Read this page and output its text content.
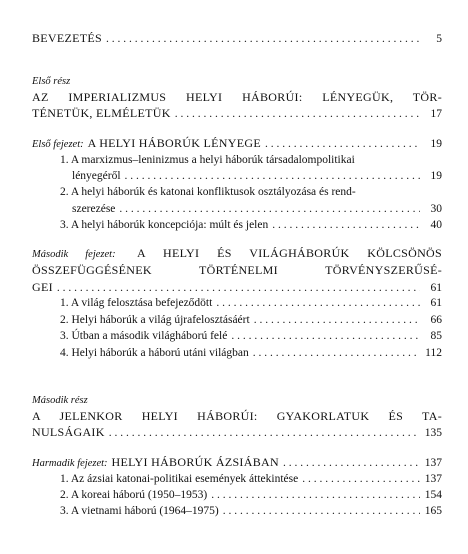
BEVEZETÉS . . .	5
Első rész
AZ IMPERIALIZMUS HELYI HÁBORÚI: LÉNYEGÜK, TÖR-
TÉNETÜK, ELMÉLETÜK . . .	17
Első fejezet: A HELYI HÁBORÚK LÉNYEGE . . .	19
1. A marxizmus–leninizmus a helyi háborúk társadalompolitikai
lényegéről . . .	19
2. A helyi háborúk és katonai konfliktusok osztályozása és rend-
szerezése . . .	30
3. A helyi háborúk koncepciója: múlt és jelen . . .	40
Második fejezet: A HELYI ÉS VILÁGHÁBORÚK KÖLCSÖNÖS
ÖSSZEFÜGGÉSÉNEK TÖRTÉNELMI TÖRVÉNYSZERŰSÉ-
GEI . . .	61
1. A világ felosztása befejeződött . . .	61
2. Helyi háborúk a világ újrafelosztásáért . . .	66
3. Útban a második világháború felé . . .	85
4. Helyi háborúk a háború utáni világban . . .	112
Második rész
A JELENKOR HELYI HÁBORÚI: GYAKORLATUK ÉS TA-
NULSÁGAIK . . .	135
Harmadik fejezet: HELYI HÁBORÚK ÁZSIÁBAN . . .	137
1. Az ázsiai katonai-politikai események áttekintése . . .	137
2. A koreai háború (1950–1953) . . .	154
3. A vietnami háború (1964–1975) . . .	165
